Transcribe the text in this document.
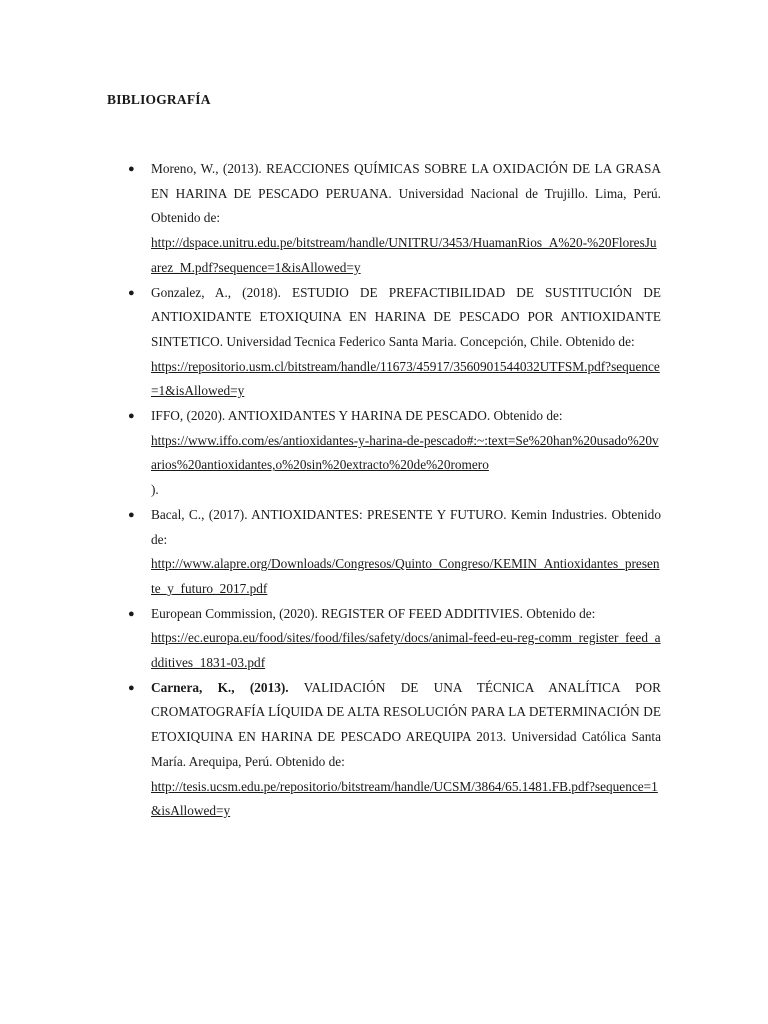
BIBLIOGRAFÍA
● Moreno, W., (2013). REACCIONES QUÍMICAS SOBRE LA OXIDACIÓN DE LA GRASA EN HARINA DE PESCADO PERUANA. Universidad Nacional de Trujillo. Lima, Perú. Obtenido de:
http://dspace.unitru.edu.pe/bitstream/handle/UNITRU/3453/HuamanRios_A%20-%20FloresJuarez_M.pdf?sequence=1&isAllowed=y
● Gonzalez, A., (2018). ESTUDIO DE PREFACTIBILIDAD DE SUSTITUCIÓN DE ANTIOXIDANTE ETOXIQUINA EN HARINA DE PESCADO POR ANTIOXIDANTE SINTETICO. Universidad Tecnica Federico Santa Maria. Concepción, Chile. Obtenido de:
https://repositorio.usm.cl/bitstream/handle/11673/45917/3560901544032UTFSM.pdf?sequence=1&isAllowed=y
● IFFO, (2020). ANTIOXIDANTES Y HARINA DE PESCADO. Obtenido de:
https://www.iffo.com/es/antioxidantes-y-harina-de-pescado#:~:text=Se%20han%20usado%20varios%20antioxidantes,o%20sin%20extracto%20de%20romero
).
● Bacal, C., (2017). ANTIOXIDANTES: PRESENTE Y FUTURO. Kemin Industries. Obtenido de:
http://www.alapre.org/Downloads/Congresos/Quinto_Congreso/KEMIN_Antioxidantes_presente_y_futuro_2017.pdf
● European Commission, (2020). REGISTER OF FEED ADDITIVIES. Obtenido de:
https://ec.europa.eu/food/sites/food/files/safety/docs/animal-feed-eu-reg-comm_register_feed_additives_1831-03.pdf
● Carnera, K., (2013). VALIDACIÓN DE UNA TÉCNICA ANALÍTICA POR CROMATOGRAFÍA LÍQUIDA DE ALTA RESOLUCIÓN PARA LA DETERMINACIÓN DE ETOXIQUINA EN HARINA DE PESCADO AREQUIPA 2013. Universidad Católica Santa María. Arequipa, Perú. Obtenido de:
http://tesis.ucsm.edu.pe/repositorio/bitstream/handle/UCSM/3864/65.1481.FB.pdf?sequence=1&isAllowed=y
